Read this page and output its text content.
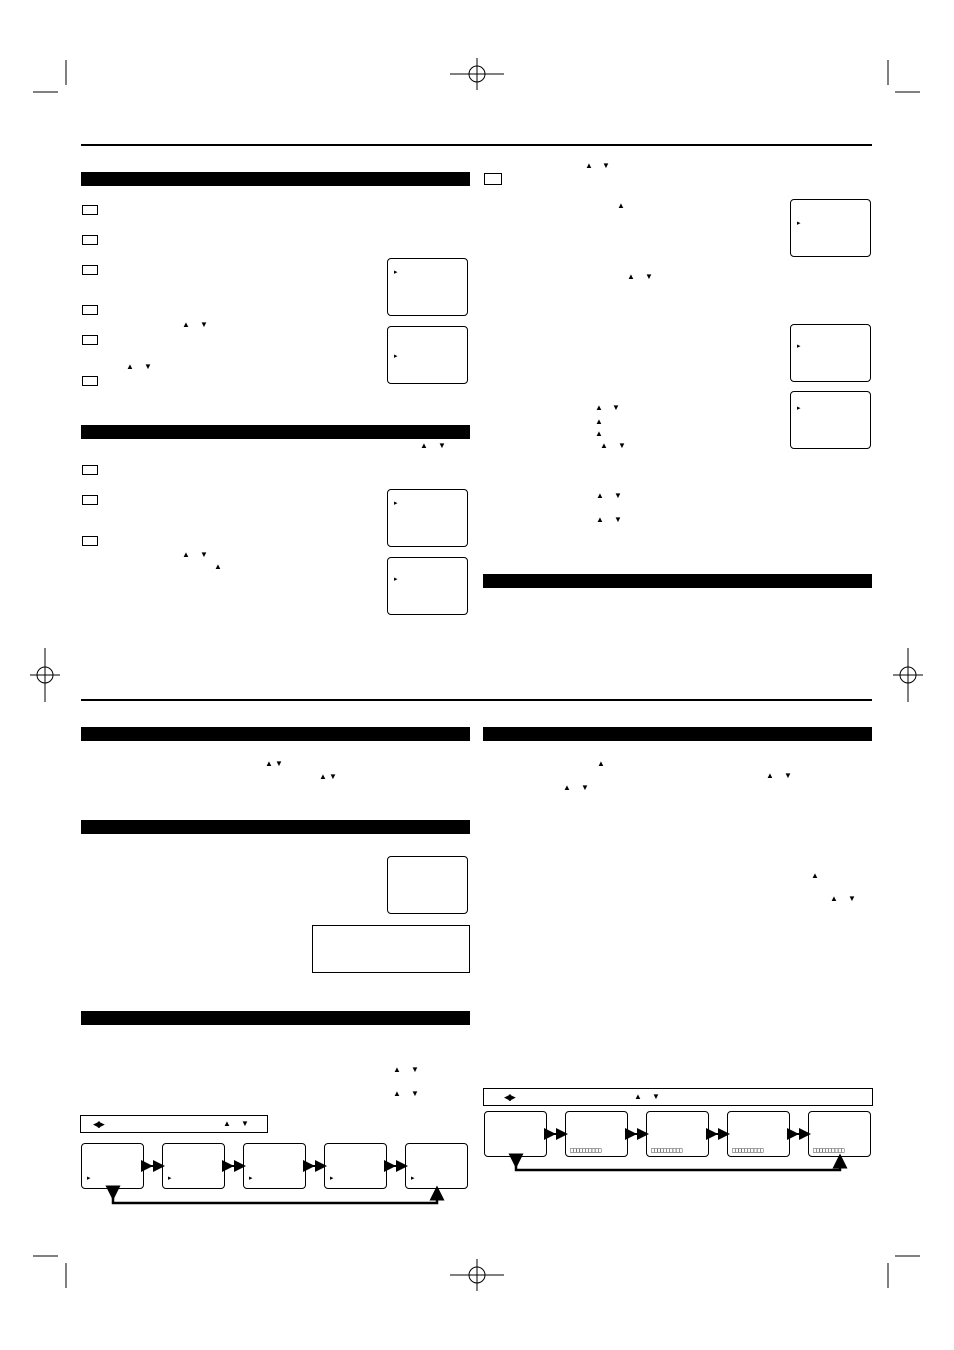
▲ ▼
▲ ▼
▸
▸
▲ ▼
▲ ▼
▲
▸
▸
▲ ▼
▲
▲ ▼
▸
▸
▸
▲ ▼
▲
▲
▲ ▼
▲ ▼
▲ ▼
▲ ▼
▲ ▼
▲ ▼
▲ ▼
◀▶	▲ ▼
▸	▸	▸	▸	▸
▲
▲ ▼
▲ ▼
▲
▲ ▼
◀▶	▲ ▼
□□□□□□□□□□	□□□□□□□□□□	□□□□□□□□□□	□□□□□□□□□□
